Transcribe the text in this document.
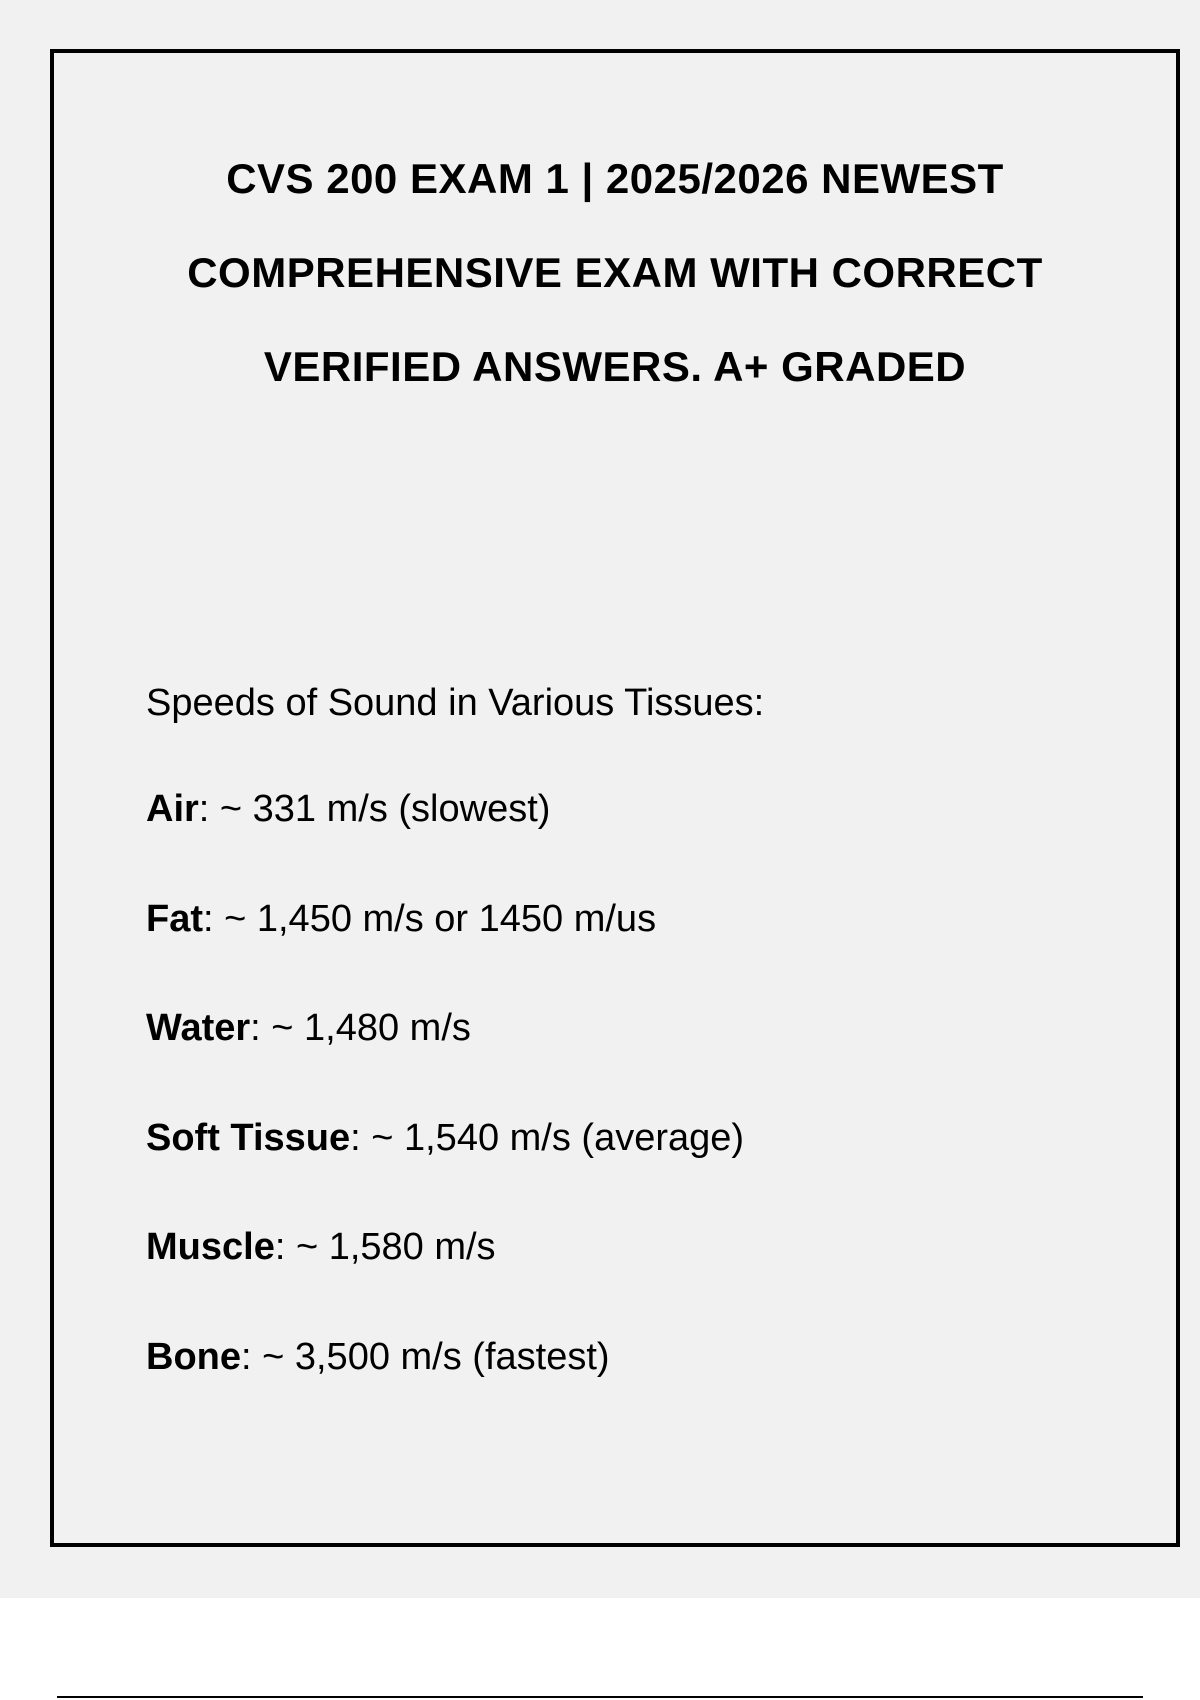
CVS 200 EXAM 1 | 2025/2026 NEWEST COMPREHENSIVE EXAM WITH CORRECT VERIFIED ANSWERS. A+ GRADED

Speeds of Sound in Various Tissues:

Air: ~ 331 m/s (slowest)
Fat: ~ 1,450 m/s or 1450 m/us
Water: ~ 1,480 m/s
Soft Tissue: ~ 1,540 m/s (average)
Muscle: ~ 1,580 m/s
Bone: ~ 3,500 m/s (fastest)
